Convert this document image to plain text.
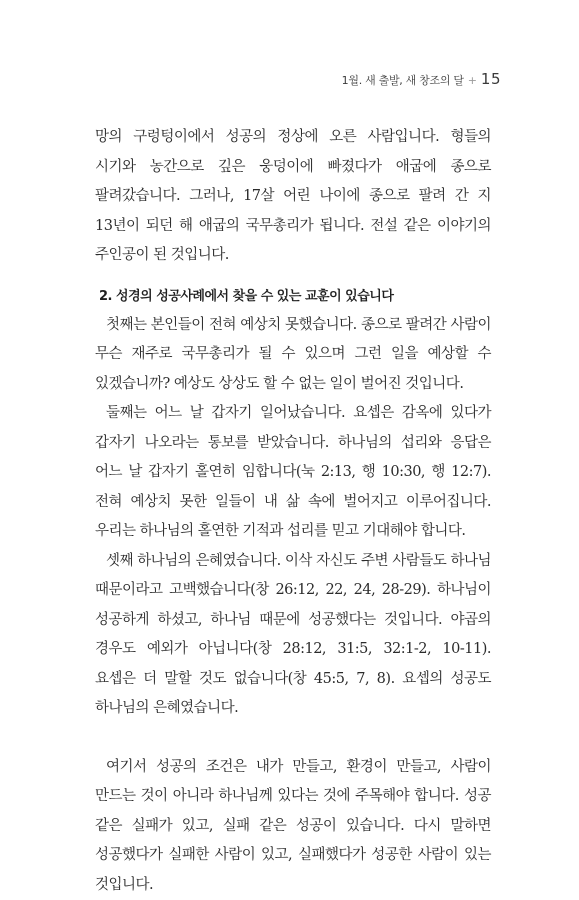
1월. 새 출발, 새 창조의 달 + 15

망의 구렁텅이에서 성공의 정상에 오른 사람입니다. 형들의 시기와 농간으로 깊은 웅덩이에 빠졌다가 애굽에 종으로 팔려갔습니다. 그러나, 17살 어린 나이에 종으로 팔려 간 지 13년이 되던 해 애굽의 국무총리가 됩니다. 전설 같은 이야기의 주인공이 된 것입니다.

2. 성경의 성공사례에서 찾을 수 있는 교훈이 있습니다

첫째는 본인들이 전혀 예상치 못했습니다. 종으로 팔려간 사람이 무슨 재주로 국무총리가 될 수 있으며 그런 일을 예상할 수 있겠습니까? 예상도 상상도 할 수 없는 일이 벌어진 것입니다.

둘째는 어느 날 갑자기 일어났습니다. 요셉은 감옥에 있다가 갑자기 나오라는 통보를 받았습니다. 하나님의 섭리와 응답은 어느 날 갑자기 홀연히 임합니다(눅 2:13, 행 10:30, 행 12:7). 전혀 예상치 못한 일들이 내 삶 속에 벌어지고 이루어집니다. 우리는 하나님의 홀연한 기적과 섭리를 믿고 기대해야 합니다.

셋째 하나님의 은혜였습니다. 이삭 자신도 주변 사람들도 하나님 때문이라고 고백했습니다(창 26:12, 22, 24, 28-29). 하나님이 성공하게 하셨고, 하나님 때문에 성공했다는 것입니다. 야곱의 경우도 예외가 아닙니다(창 28:12, 31:5, 32:1-2, 10-11). 요셉은 더 말할 것도 없습니다(창 45:5, 7, 8). 요셉의 성공도 하나님의 은혜였습니다.

여기서 성공의 조건은 내가 만들고, 환경이 만들고, 사람이 만드는 것이 아니라 하나님께 있다는 것에 주목해야 합니다. 성공 같은 실패가 있고, 실패 같은 성공이 있습니다. 다시 말하면 성공했다가 실패한 사람이 있고, 실패했다가 성공한 사람이 있는 것입니다.
